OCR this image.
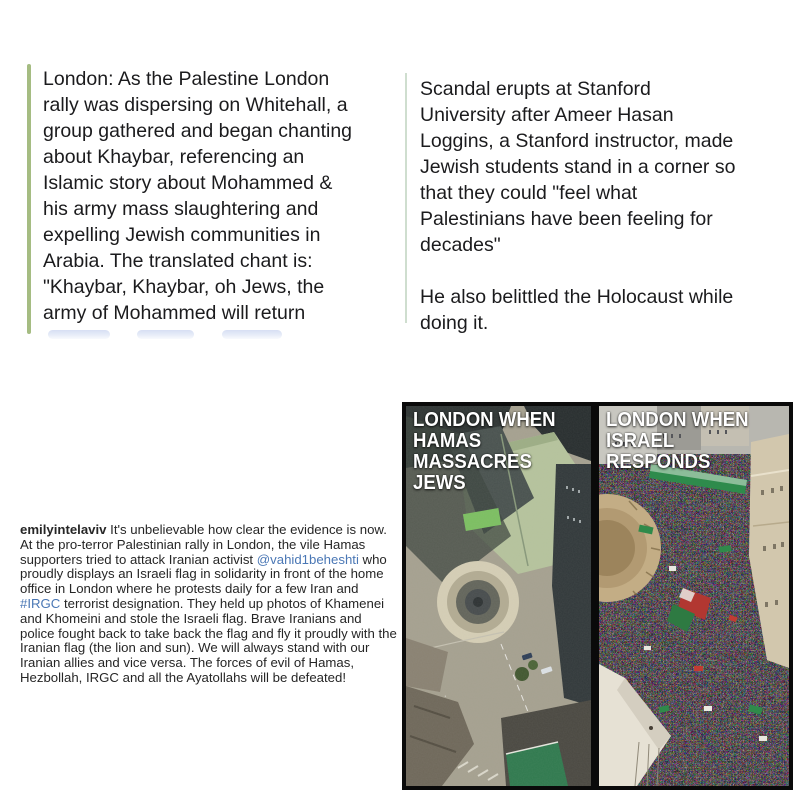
London: As the Palestine London
rally was dispersing on Whitehall, a
group gathered and began chanting
about Khaybar, referencing an
Islamic story about Mohammed &
his army mass slaughtering and
expelling Jewish communities in
Arabia. The translated chant is:
"Khaybar, Khaybar, oh Jews, the
army of Mohammed will return
Scandal erupts at Stanford
University after Ameer Hasan
Loggins, a Stanford instructor, made
Jewish students stand in a corner so
that they could "feel what
Palestinians have been feeling for
decades"
He also belittled the Holocaust while
doing it.
emilyintelaviv It's unbelievable how clear the evidence is now. At the pro-terror Palestinian rally in London, the vile Hamas supporters tried to attack Iranian activist @vahid1beheshti who proudly displays an Israeli flag in solidarity in front of the home office in London where he protests daily for a few Iran and #IRGC terrorist designation. They held up photos of Khamenei and Khomeini and stole the Israeli flag. Brave Iranians and police fought back to take back the flag and fly it proudly with the Iranian flag (the lion and sun). We will always stand with our Iranian allies and vice versa. The forces of evil of Hamas, Hezbollah, IRGC and all the Ayatollahs will be defeated!
LONDON WHEN
HAMAS MASSACRES
JEWS
LONDON WHEN
ISRAEL RESPONDS
